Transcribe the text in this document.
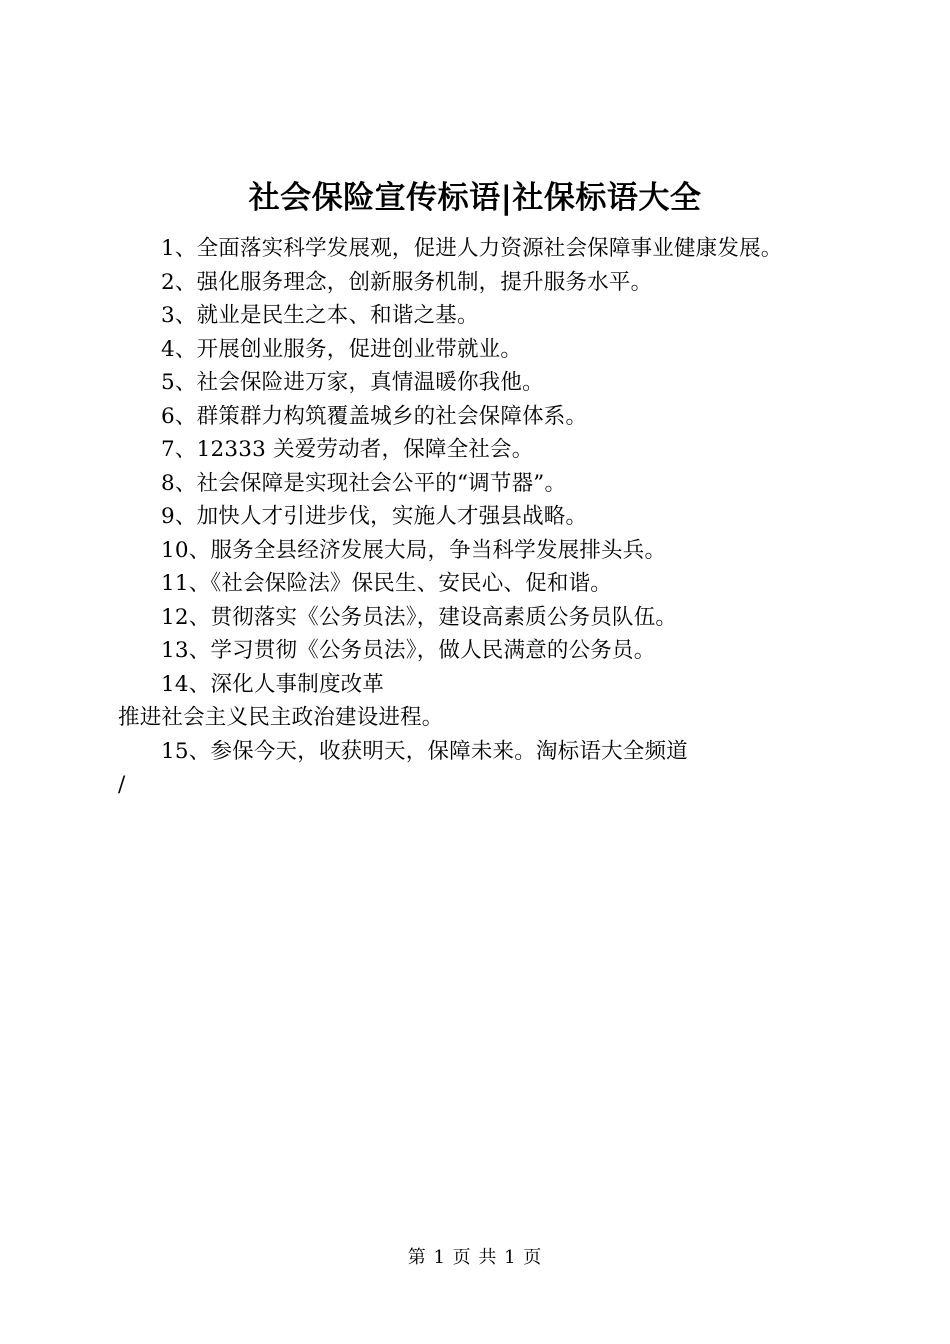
社会保险宣传标语|社保标语大全

1、全面落实科学发展观，促进人力资源社会保障事业健康发展。

2、强化服务理念，创新服务机制，提升服务水平。

3、就业是民生之本、和谐之基。

4、开展创业服务，促进创业带就业。

5、社会保险进万家，真情温暖你我他。

6、群策群力构筑覆盖城乡的社会保障体系。

7、12333 关爱劳动者，保障全社会。

8、社会保障是实现社会公平的“调节器”。

9、加快人才引进步伐，实施人才强县战略。

10、服务全县经济发展大局，争当科学发展排头兵。

11、《社会保险法》保民生、安民心、促和谐。

12、贯彻落实《公务员法》，建设高素质公务员队伍。

13、学习贯彻《公务员法》，做人民满意的公务员。

14、深化人事制度改革

推进社会主义民主政治建设进程。

15、参保今天，收获明天，保障未来。淘标语大全频道

/

第 1 页 共 1 页
